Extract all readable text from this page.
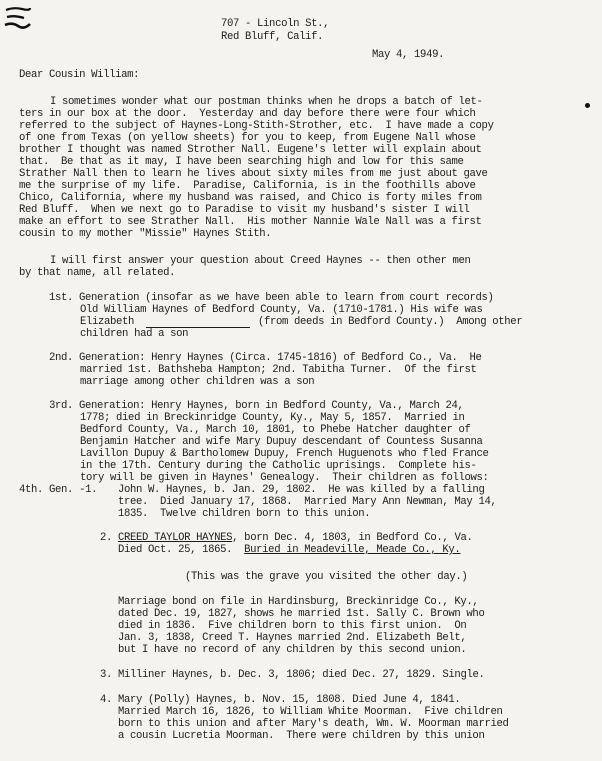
707 - Lincoln St.,
Red Bluff, Calif.
May 4, 1949.
Dear Cousin William:
I sometimes wonder what our postman thinks when he drops a batch of let-
ters in our box at the door.  Yesterday and day before there were four which
referred to the subject of Haynes-Long-Stith-Strother, etc.  I have made a copy
of one from Texas (on yellow sheets) for you to keep, from Eugene Nall whose
brother I thought was named Strother Nall. Eugene's letter will explain about
that.  Be that as it may, I have been searching high and low for this same
Strather Nall then to learn he lives about sixty miles from me just about gave
me the surprise of my life.  Paradise, California, is in the foothills above
Chico, California, where my husband was raised, and Chico is forty miles from
Red Bluff.  When we next go to Paradise to visit my husband's sister I will
make an effort to see Strather Nall.  His mother Nannie Wale Nall was a first
cousin to my mother "Missie" Haynes Stith.
I will first answer your question about Creed Haynes -- then other men
by that name, all related.
1st. Generation (insofar as we have been able to learn from court records)
Old William Haynes of Bedford County, Va. (1710-1781.) His wife was
Elizabeth	(from deeds in Bedford County.)  Among other
children had a son
2nd. Generation: Henry Haynes (Circa. 1745-1816) of Bedford Co., Va.  He
married 1st. Bathsheba Hampton; 2nd. Tabitha Turner.  Of the first
marriage among other children was a son
3rd. Generation: Henry Haynes, born in Bedford County, Va., March 24,
1778; died in Breckinridge County, Ky., May 5, 1857.  Married in
Bedford County, Va., March 10, 1801, to Phebe Hatcher daughter of
Benjamin Hatcher and wife Mary Dupuy descendant of Countess Susanna
Lavillon Dupuy & Bartholomew Dupuy, French Huguenots who fled France
in the 17th. Century during the Catholic uprisings.  Complete his-
tory will be given in Haynes' Genealogy.  Their children as follows:
4th. Gen. -1. John W. Haynes, b. Jan. 29, 1802.  He was killed by a falling
tree.  Died January 17, 1868.  Married Mary Ann Newman, May 14,
1835.  Twelve children born to this union.
2. CREED TAYLOR HAYNES, born Dec. 4, 1803, in Bedford Co., Va.
Died Oct. 25, 1865.  Buried in Meadeville, Meade Co., Ky.
(This was the grave you visited the other day.)
Marriage bond on file in Hardinsburg, Breckinridge Co., Ky.,
dated Dec. 19, 1827, shows he married 1st. Sally C. Brown who
died in 1836.  Five children born to this first union.  On
Jan. 3, 1838, Creed T. Haynes married 2nd. Elizabeth Belt,
but I have no record of any children by this second union.
3. Milliner Haynes, b. Dec. 3, 1806; died Dec. 27, 1829. Single.
4. Mary (Polly) Haynes, b. Nov. 15, 1808. Died June 4, 1841.
Married March 16, 1826, to William White Moorman.  Five children
born to this union and after Mary's death, Wm. W. Moorman married
a cousin Lucretia Moorman.  There were children by this union
